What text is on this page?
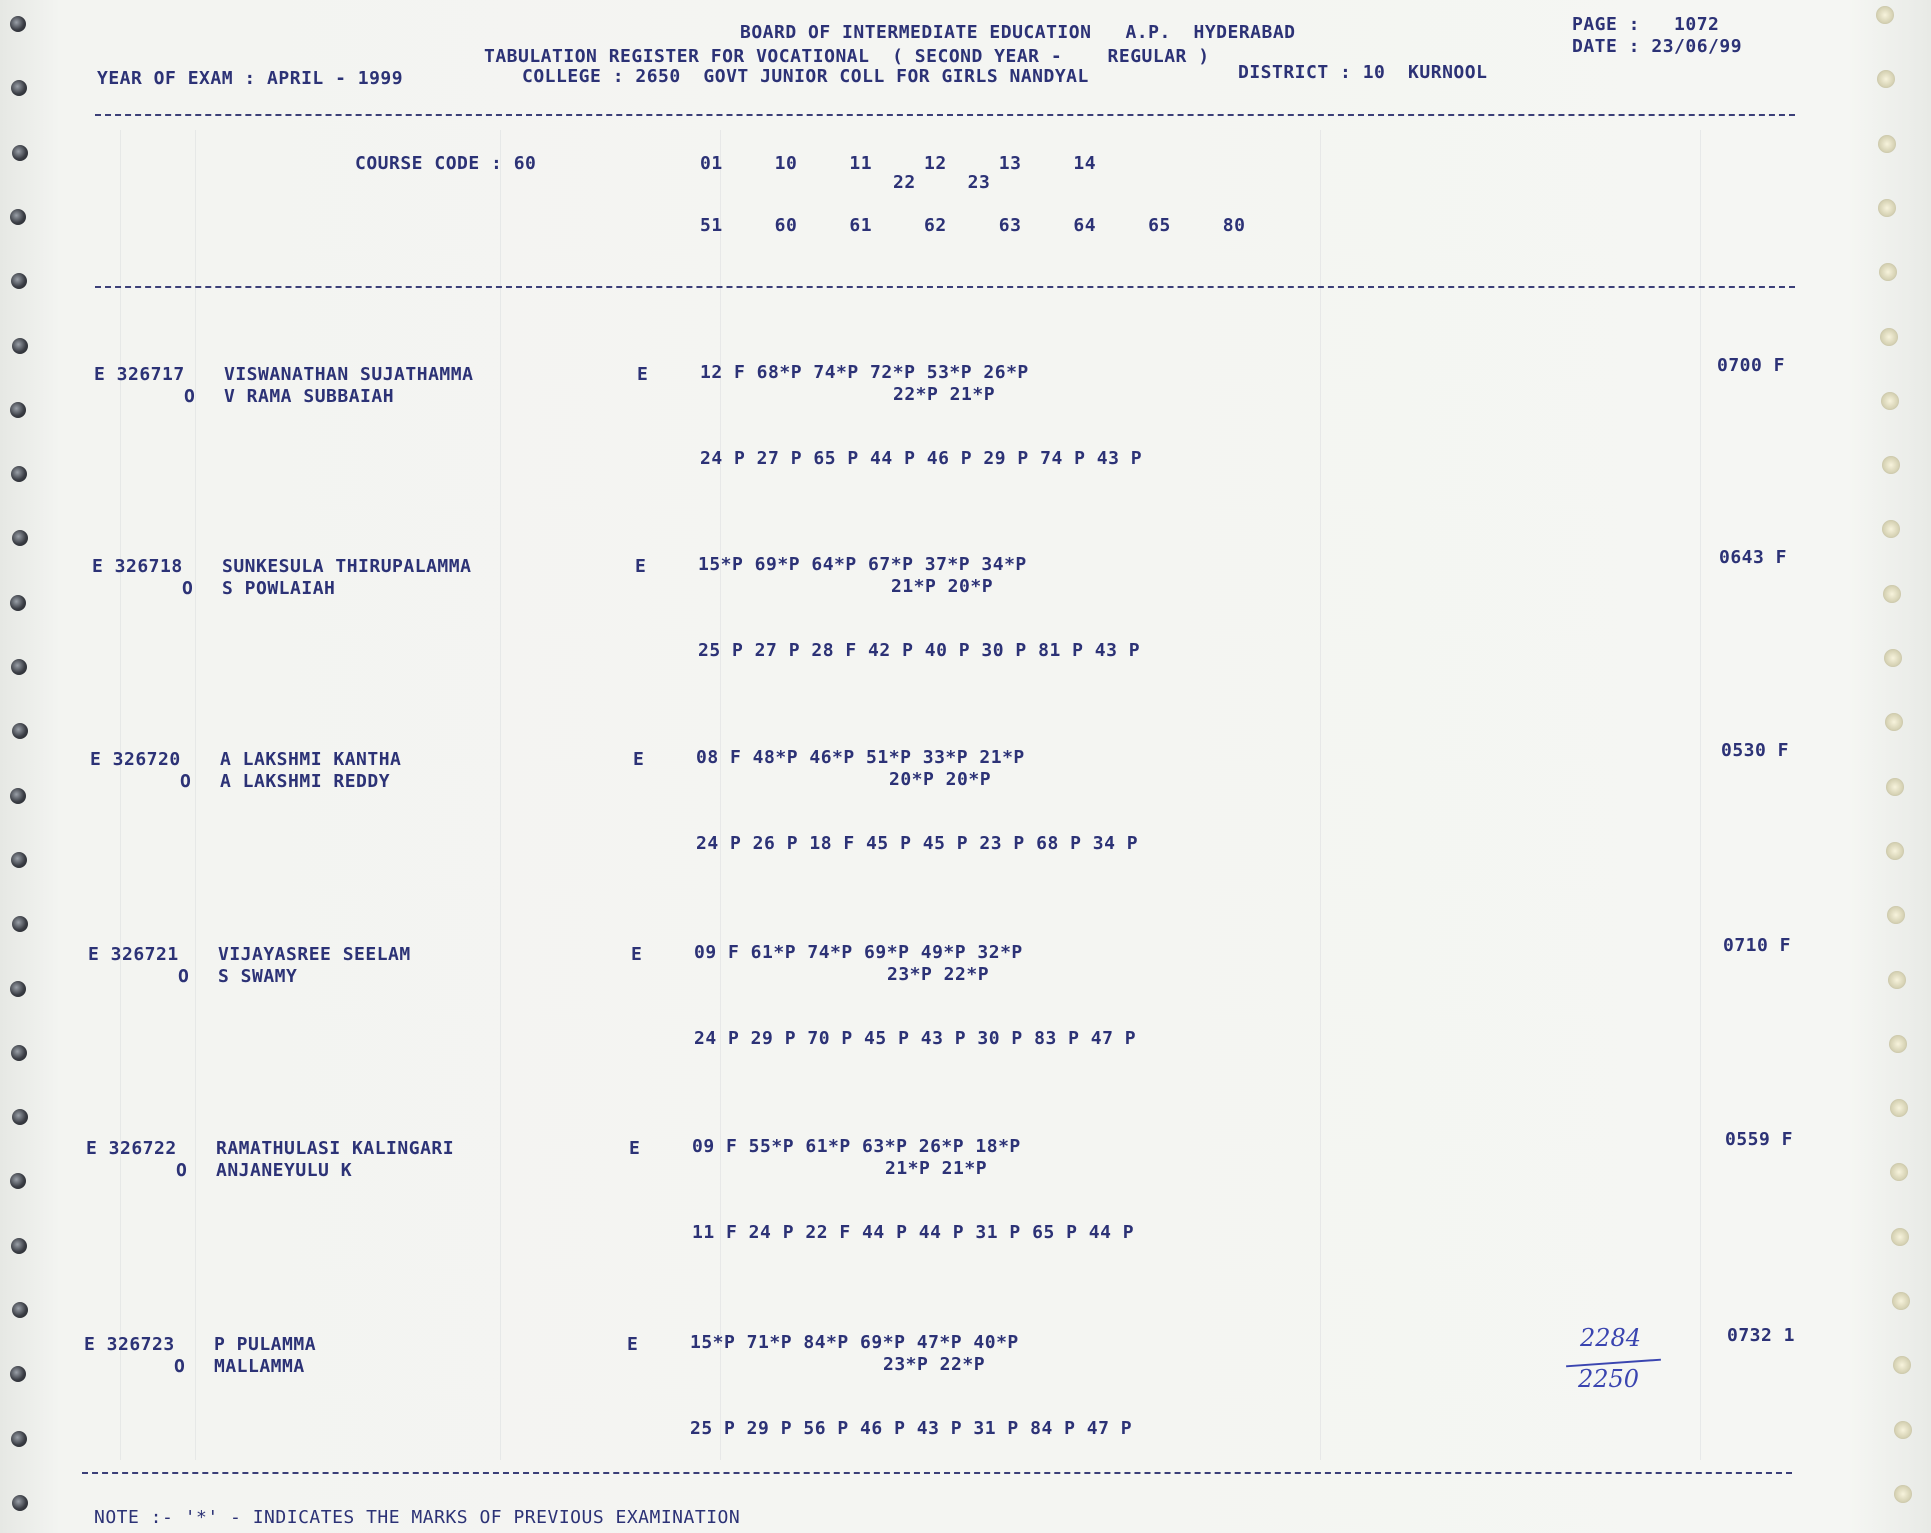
BOARD OF INTERMEDIATE EDUCATION   A.P.  HYDERABAD
TABULATION REGISTER FOR VOCATIONAL  ( SECOND YEAR -    REGULAR )
YEAR OF EXAM : APRIL - 1999	COLLEGE : 2650  GOVT JUNIOR COLL FOR GIRLS NANDYAL	DISTRICT : 10  KURNOOL
PAGE :   1072
DATE : 23/06/99
COURSE CODE : 60	01   10   11   12   13   14
22   23
51   60   61   62   63   64   65   80
E 326717 VISWANATHAN SUJATHAMMA
O V RAMA SUBBAIAH
E	12 F 68*P 74*P 72*P 53*P 26*P
22*P 21*P
24 P 27 P 65 P 44 P 46 P 29 P 74 P 43 P
0700 F
E 326718 SUNKESULA THIRUPALAMMA
O S POWLAIAH
E	15*P 69*P 64*P 67*P 37*P 34*P
21*P 20*P
25 P 27 P 28 F 42 P 40 P 30 P 81 P 43 P
0643 F
E 326720 A LAKSHMI KANTHA
O A LAKSHMI REDDY
E	08 F 48*P 46*P 51*P 33*P 21*P
20*P 20*P
24 P 26 P 18 F 45 P 45 P 23 P 68 P 34 P
0530 F
E 326721 VIJAYASREE SEELAM
O S SWAMY
E	09 F 61*P 74*P 69*P 49*P 32*P
23*P 22*P
24 P 29 P 70 P 45 P 43 P 30 P 83 P 47 P
0710 F
E 326722 RAMATHULASI KALINGARI
O ANJANEYULU K
E	09 F 55*P 61*P 63*P 26*P 18*P
21*P 21*P
11 F 24 P 22 F 44 P 44 P 31 P 65 P 44 P
0559 F
E 326723 P PULAMMA
O MALLAMMA
E	15*P 71*P 84*P 69*P 47*P 40*P
23*P 22*P
25 P 29 P 56 P 46 P 43 P 31 P 84 P 47 P
0732 1
2284
2250
NOTE :- '*' - INDICATES THE MARKS OF PREVIOUS EXAMINATION
